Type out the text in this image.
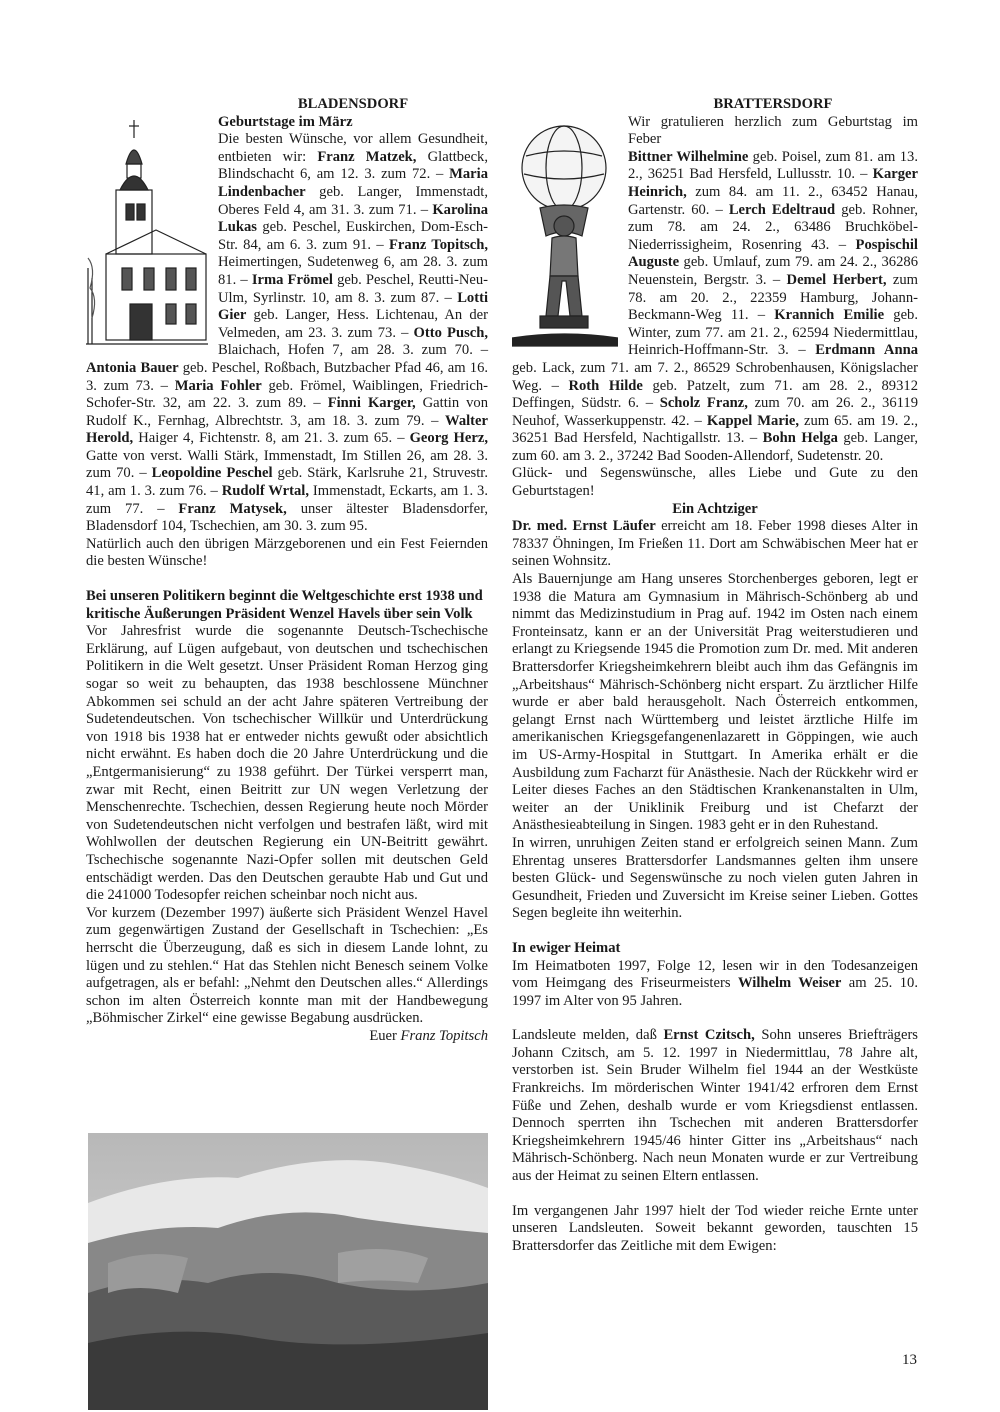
BLADENSDORF

Geburtstage im März

Die besten Wünsche, vor allem Gesundheit, entbieten wir: Franz Matzek, Glattbeck, Blindschacht 6, am 12. 3. zum 72. – Maria Lindenbacher geb. Langer, Immenstadt, Oberes Feld 4, am 31. 3. zum 71. – Karolina Lukas geb. Peschel, Euskirchen, Dom-Esch-Str. 84, am 6. 3. zum 91. – Franz Topitsch, Heimertingen, Sudetenweg 6, am 28. 3. zum 81. – Irma Frömel geb. Peschel, Reutti-Neu-Ulm, Syrlinstr. 10, am 8. 3. zum 87. – Lotti Gier geb. Langer, Hess. Lichtenau, An der Velmeden, am 23. 3. zum 73. – Otto Pusch, Blaichach, Hofen 7, am 28. 3. zum 70. – Antonia Bauer geb. Peschel, Roßbach, Butzbacher Pfad 46, am 16. 3. zum 73. – Maria Fohler geb. Frömel, Waiblingen, Friedrich-Schofer-Str. 32, am 22. 3. zum 89. – Finni Karger, Gattin von Rudolf K., Fernhag, Albrechtstr. 3, am 18. 3. zum 79. – Walter Herold, Haiger 4, Fichtenstr. 8, am 21. 3. zum 65. – Georg Herz, Gatte von verst. Walli Stärk, Immenstadt, Im Stillen 26, am 28. 3. zum 70. – Leopoldine Peschel geb. Stärk, Karlsruhe 21, Struvestr. 41, am 1. 3. zum 76. – Rudolf Wrtal, Immenstadt, Eckarts, am 1. 3. zum 77. – Franz Matysek, unser ältester Bladensdorfer, Bladensdorf 104, Tschechien, am 30. 3. zum 95.

Natürlich auch den übrigen Märzgeborenen und ein Fest Feiernden die besten Wünsche!

Bei unseren Politikern beginnt die Weltgeschichte erst 1938 und kritische Äußerungen Präsident Wenzel Havels über sein Volk

Vor Jahresfrist wurde die sogenannte Deutsch-Tschechische Erklärung, auf Lügen aufgebaut, von deutschen und tschechischen Politikern in die Welt gesetzt. Unser Präsident Roman Herzog ging sogar so weit zu behaupten, das 1938 beschlossene Münchner Abkommen sei schuld an der acht Jahre späteren Vertreibung der Sudetendeutschen. Von tschechischer Willkür und Unterdrückung von 1918 bis 1938 hat er entweder nichts gewußt oder absichtlich nicht erwähnt. Es haben doch die 20 Jahre Unterdrückung und die „Entgermanisierung“ zu 1938 geführt. Der Türkei versperrt man, zwar mit Recht, einen Beitritt zur UN wegen Verletzung der Menschenrechte. Tschechien, dessen Regierung heute noch Mörder von Sudetendeutschen nicht verfolgen und bestrafen läßt, wird mit Wohlwollen der deutschen Regierung ein UN-Beitritt gewährt. Tschechische sogenannte Nazi-Opfer sollen mit deutschen Geld entschädigt werden. Das den Deutschen geraubte Hab und Gut und die 241000 Todesopfer reichen scheinbar noch nicht aus.

Vor kurzem (Dezember 1997) äußerte sich Präsident Wenzel Havel zum gegenwärtigen Zustand der Gesellschaft in Tschechien: „Es herrscht die Überzeugung, daß es sich in diesem Lande lohnt, zu lügen und zu stehlen.“ Hat das Stehlen nicht Benesch seinem Volke aufgetragen, als er befahl: „Nehmt den Deutschen alles.“ Allerdings schon im alten Österreich konnte man mit der Handbewegung „Böhmischer Zirkel“ eine gewisse Begabung ausdrücken.
Euer Franz Topitsch

BRATTERSDORF

Wir gratulieren herzlich zum Geburtstag im Feber

Bittner Wilhelmine geb. Poisel, zum 81. am 13. 2., 36251 Bad Hersfeld, Lullusstr. 10. – Karger Heinrich, zum 84. am 11. 2., 63452 Hanau, Gartenstr. 60. – Lerch Edeltraud geb. Rohner, zum 78. am 24. 2., 63486 Bruchköbel-Niederrissigheim, Rosenring 43. – Pospischil Auguste geb. Umlauf, zum 79. am 24. 2., 36286 Neuenstein, Bergstr. 3. – Demel Herbert, zum 78. am 20. 2., 22359 Hamburg, Johann-Beckmann-Weg 11. – Krannich Emilie geb. Winter, zum 77. am 21. 2., 62594 Niedermittlau, Heinrich-Hoffmann-Str. 3. – Erdmann Anna geb. Lack, zum 71. am 7. 2., 86529 Schrobenhausen, Königslacher Weg. – Roth Hilde geb. Patzelt, zum 71. am 28. 2., 89312 Deffingen, Südstr. 6. – Scholz Franz, zum 70. am 26. 2., 36119 Neuhof, Wasserkuppenstr. 42. – Kappel Marie, zum 65. am 19. 2., 36251 Bad Hersfeld, Nachtigallstr. 13. – Bohn Helga geb. Langer, zum 60. am 3. 2., 37242 Bad Sooden-Allendorf, Sudetenstr. 20.

Glück- und Segenswünsche, alles Liebe und Gute zu den Geburtstagen!

Ein Achtziger

Dr. med. Ernst Läufer erreicht am 18. Feber 1998 dieses Alter in 78337 Öhningen, Im Frießen 11. Dort am Schwäbischen Meer hat er seinen Wohnsitz.

Als Bauernjunge am Hang unseres Storchenberges geboren, legt er 1938 die Matura am Gymnasium in Mährisch-Schönberg ab und nimmt das Medizinstudium in Prag auf. 1942 im Osten nach einem Fronteinsatz, kann er an der Universität Prag weiterstudieren und erlangt zu Kriegsende 1945 die Promotion zum Dr. med. Mit anderen Brattersdorfer Kriegsheimkehrern bleibt auch ihm das Gefängnis im „Arbeitshaus“ Mährisch-Schönberg nicht erspart. Zu ärztlicher Hilfe wurde er aber bald herausgeholt. Nach Österreich entkommen, gelangt Ernst nach Württemberg und leistet ärztliche Hilfe im amerikanischen Kriegsgefangenenlazarett in Göppingen, wie auch im US-Army-Hospital in Stuttgart. In Amerika erhält er die Ausbildung zum Facharzt für Anästhesie. Nach der Rückkehr wird er Leiter dieses Faches an den Städtischen Krankenanstalten in Ulm, weiter an der Uniklinik Freiburg und ist Chefarzt der Anästhesieabteilung in Singen. 1983 geht er in den Ruhestand.

In wirren, unruhigen Zeiten stand er erfolgreich seinen Mann. Zum Ehrentag unseres Brattersdorfer Landsmannes gelten ihm unsere besten Glück- und Segenswünsche zu noch vielen guten Jahren in Gesundheit, Frieden und Zuversicht im Kreise seiner Lieben. Gottes Segen begleite ihn weiterhin.

In ewiger Heimat

Im Heimatboten 1997, Folge 12, lesen wir in den Todesanzeigen vom Heimgang des Friseurmeisters Wilhelm Weiser am 25. 10. 1997 im Alter von 95 Jahren.

Landsleute melden, daß Ernst Czitsch, Sohn unseres Briefträgers Johann Czitsch, am 5. 12. 1997 in Niedermittlau, 78 Jahre alt, verstorben ist. Sein Bruder Wilhelm fiel 1944 an der Westküste Frankreichs. Im mörderischen Winter 1941/42 erfroren dem Ernst Füße und Zehen, deshalb wurde er vom Kriegsdienst entlassen. Dennoch sperrten ihn Tschechen mit anderen Brattersdorfer Kriegsheimkehrern 1945/46 hinter Gitter ins „Arbeitshaus“ nach Mährisch-Schönberg. Nach neun Monaten wurde er zur Vertreibung aus der Heimat zu seinen Eltern entlassen.

Im vergangenen Jahr 1997 hielt der Tod wieder reiche Ernte unter unseren Landsleuten. Soweit bekannt geworden, tauschten 15 Brattersdorfer das Zeitliche mit dem Ewigen:

13
